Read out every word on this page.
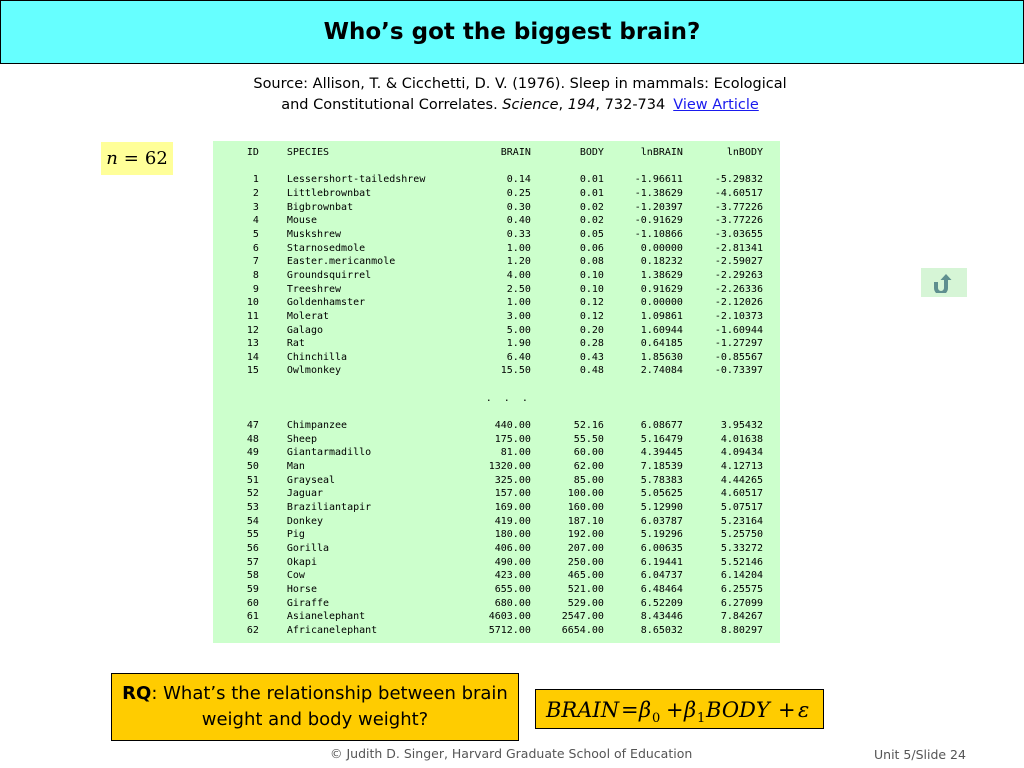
Who’s got the biggest brain?
Source: Allison, T. & Cicchetti, D. V. (1976). Sleep in mammals: Ecological
and Constitutional Correlates. Science, 194, 732-734 View Article
n = 62	ID	SPECIES	BRAIN	BODY	lnBRAIN	lnBODY

1	Lessershort-tailedshrew	0.14	0.01	-1.96611	-5.29832
2	Littlebrownbat	0.25	0.01	-1.38629	-4.60517
3	Bigbrownbat	0.30	0.02	-1.20397	-3.77226
4	Mouse	0.40	0.02	-0.91629	-3.77226
5	Muskshrew	0.33	0.05	-1.10866	-3.03655
6	Starnosedmole	1.00	0.06	0.00000	-2.81341
7	Easter.mericanmole	1.20	0.08	0.18232	-2.59027
8	Groundsquirrel	4.00	0.10	1.38629	-2.29263
9	Treeshrew	2.50	0.10	0.91629	-2.26336
10	Goldenhamster	1.00	0.12	0.00000	-2.12026
11	Molerat	3.00	0.12	1.09861	-2.10373
12	Galago	5.00	0.20	1.60944	-1.60944
13	Rat	1.90	0.28	0.64185	-1.27297
14	Chinchilla	6.40	0.43	1.85630	-0.85567
15	Owlmonkey	15.50	0.48	2.74084	-0.73397

. . .					

47	Chimpanzee	440.00	52.16	6.08677	3.95432
48	Sheep	175.00	55.50	5.16479	4.01638
49	Giantarmadillo	81.00	60.00	4.39445	4.09434
50	Man	1320.00	62.00	7.18539	4.12713
51	Grayseal	325.00	85.00	5.78383	4.44265
52	Jaguar	157.00	100.00	5.05625	4.60517
53	Braziliantapir	169.00	160.00	5.12990	5.07517
54	Donkey	419.00	187.10	6.03787	5.23164
55	Pig	180.00	192.00	5.19296	5.25750
56	Gorilla	406.00	207.00	6.00635	5.33272
57	Okapi	490.00	250.00	6.19441	5.52146
58	Cow	423.00	465.00	6.04737	6.14204
59	Horse	655.00	521.00	6.48464	6.25575
60	Giraffe	680.00	529.00	6.52209	6.27099
61	Asianelephant	4603.00	2547.00	8.43446	7.84267
62	Africanelephant	5712.00	6654.00	8.65032	8.80297
RQ: What’s the relationship between brain weight and body weight?	BRAIN = β 0 + β 1 BODY + ε
© Judith D. Singer, Harvard Graduate School of Education	Unit 5/Slide 24
